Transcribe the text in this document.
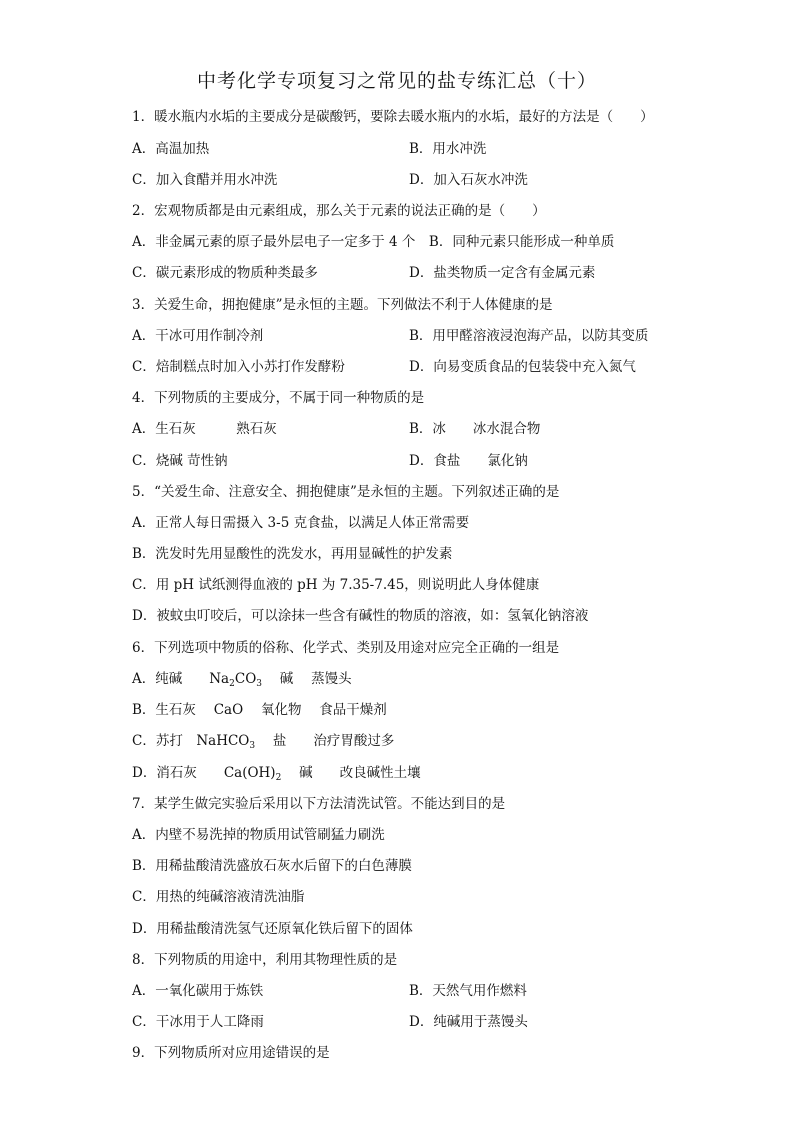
中考化学专项复习之常见的盐专练汇总（十）
1．暖水瓶内水垢的主要成分是碳酸钙，要除去暖水瓶内的水垢，最好的方法是（　　）
A．高温加热	B．用水冲洗
C．加入食醋并用水冲洗	D．加入石灰水冲洗
2．宏观物质都是由元素组成，那么关于元素的说法正确的是（　　）
A．非金属元素的原子最外层电子一定多于 4 个　B．同种元素只能形成一种单质
C．碳元素形成的物质种类最多	D．盐类物质一定含有金属元素
3．关爱生命，拥抱健康”是永恒的主题。下列做法不利于人体健康的是
A．干冰可用作制冷剂	B．用甲醛溶液浸泡海产品，以防其变质
C．焙制糕点时加入小苏打作发酵粉	D．向易变质食品的包装袋中充入氮气
4．下列物质的主要成分，不属于同一种物质的是
A．生石灰　　　熟石灰	B．冰　　冰水混合物
C．烧碱 苛性钠	D．食盐　　氯化钠
5．“关爱生命、注意安全、拥抱健康”是永恒的主题。下列叙述正确的是
A．正常人每日需摄入 3-5 克食盐，以满足人体正常需要
B．洗发时先用显酸性的洗发水，再用显碱性的护发素
C．用 pH 试纸测得血液的 pH 为 7.35-7.45，则说明此人身体健康
D．被蚊虫叮咬后，可以涂抹一些含有碱性的物质的溶液，如：氢氧化钠溶液
6．下列选项中物质的俗称、化学式、类别及用途对应完全正确的一组是
A．纯碱　　$Na_2CO_3$　 碱　 蒸馒头
B．生石灰　 CaO　 氧化物　 食品干燥剂
C．苏打　NaHCO$_3$　 盐　　治疗胃酸过多
D．消石灰　　$Ca(OH)_2$　 碱　　改良碱性土壤
7．某学生做完实验后采用以下方法清洗试管。不能达到目的是
A．内壁不易洗掉的物质用试管刷猛力刷洗
B．用稀盐酸清洗盛放石灰水后留下的白色薄膜
C．用热的纯碱溶液清洗油脂
D．用稀盐酸清洗氢气还原氧化铁后留下的固体
8．下列物质的用途中，利用其物理性质的是
A．一氧化碳用于炼铁	B．天然气用作燃料
C．干冰用于人工降雨	D．纯碱用于蒸馒头
9．下列物质所对应用途错误的是
